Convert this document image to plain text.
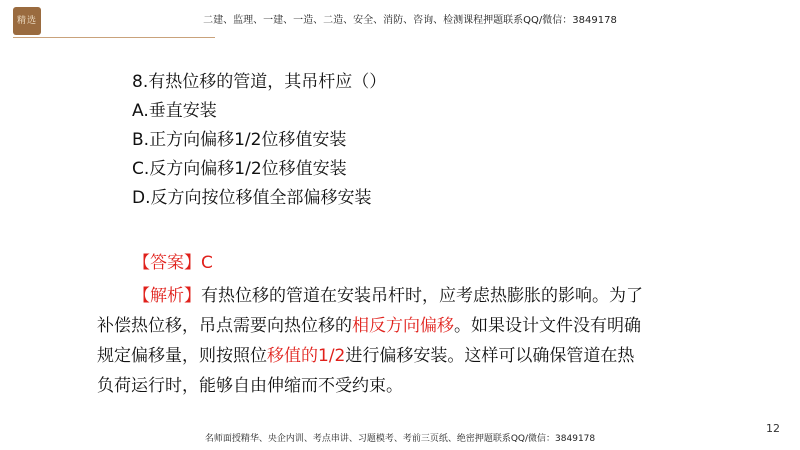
精选	二建、监理、一建、一造、二造、安全、消防、咨询、检测课程押题联系QQ/微信：3849178
8.有热位移的管道，其吊杆应（）
A.垂直安装
B.正方向偏移1/2位移值安装
C.反方向偏移1/2位移值安装
D.反方向按位移值全部偏移安装
【答案】C
【解析】有热位移的管道在安装吊杆时，应考虑热膨胀的影响。为了补偿热位移，吊点需要向热位移的相反方向偏移。如果设计文件没有明确规定偏移量，则按照位移值的1/2进行偏移安装。这样可以确保管道在热负荷运行时，能够自由伸缩而不受约束。
12
名师面授精华、央企内训、考点串讲、习题模考、考前三页纸、绝密押题联系QQ/微信：3849178
